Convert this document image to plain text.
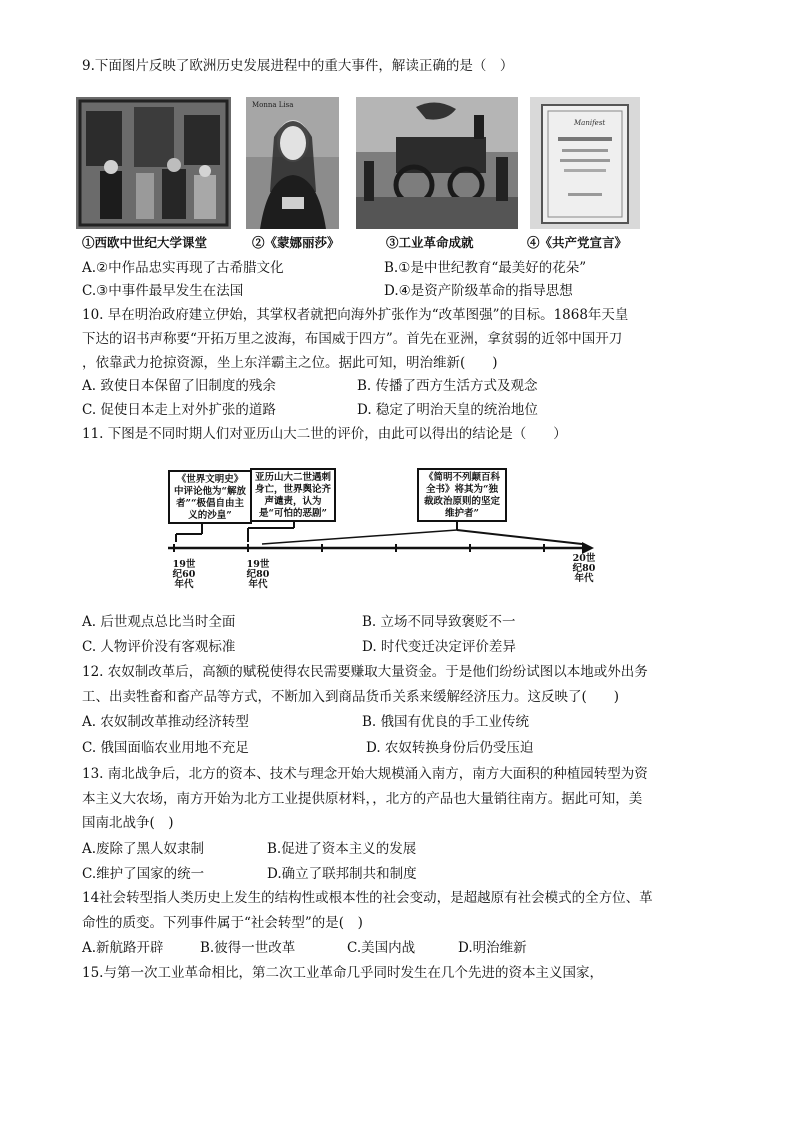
9.下面图片反映了欧洲历史发展进程中的重大事件，解读正确的是（　）
Monna Lisa
Manifest
①西欧中世纪大学课堂	②《蒙娜丽莎》	③工业革命成就	④《共产党宣言》
A.②中作品忠实再现了古希腊文化	B.①是中世纪教育“最美好的花朵”
C.③中事件最早发生在法国	D.④是资产阶级革命的指导思想
10. 早在明治政府建立伊始，其掌权者就把向海外扩张作为“改革图强”的目标。1868年天皇
下达的诏书声称要“开拓万里之波海，布国威于四方”。首先在亚洲，拿贫弱的近邻中国开刀
，依靠武力抢掠资源，坐上东洋霸主之位。据此可知，明治维新(　　)
A. 致使日本保留了旧制度的残余	B. 传播了西方生活方式及观念
C. 促使日本走上对外扩张的道路	D. 稳定了明治天皇的统治地位
11. 下图是不同时期人们对亚历山大二世的评价，由此可以得出的结论是（　　）
《世界文明史》中评论他为“解放者”“极倡自由主义的沙皇”
亚历山大二世遇刺身亡，世界舆论齐声谴责，认为是“可怕的恶剧”
《简明不列颠百科全书》将其为“独裁政治原则的坚定维护者”
19世纪60年代
19世纪80年代
20世纪80年代
A. 后世观点总比当时全面	B. 立场不同导致褒贬不一
C. 人物评价没有客观标准	D. 时代变迁决定评价差异
12. 农奴制改革后，高额的赋税使得农民需要赚取大量资金。于是他们纷纷试图以本地或外出务
工、出卖牲畜和畜产品等方式，不断加入到商品货币关系来缓解经济压力。这反映了(　　)
A. 农奴制改革推动经济转型	B. 俄国有优良的手工业传统
C. 俄国面临农业用地不充足	D. 农奴转换身份后仍受压迫
13. 南北战争后，北方的资本、技术与理念开始大规模涌入南方，南方大面积的种植园转型为资
本主义大农场，南方开始为北方工业提供原材料，，北方的产品也大量销往南方。据此可知，美
国南北战争(　)
A.废除了黑人奴隶制	B.促进了资本主义的发展
C.维护了国家的统一	D.确立了联邦制共和制度
14社会转型指人类历史上发生的结构性或根本性的社会变动，是超越原有社会模式的全方位、革
命性的质变。下列事件属于“社会转型”的是(　)
A.新航路开辟	B.彼得一世改革	C.美国内战	D.明治维新
15.与第一次工业革命相比，第二次工业革命几乎同时发生在几个先进的资本主义国家，
